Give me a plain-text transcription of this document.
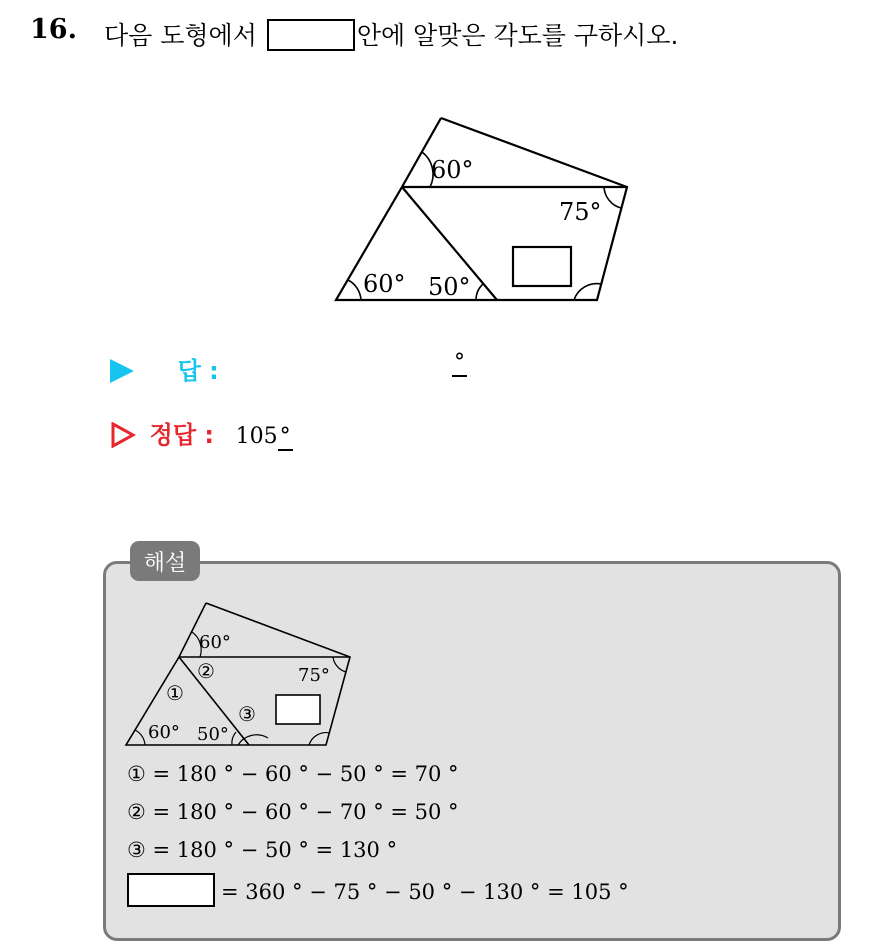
16. 다음 도형에서	안에 알맞은 각도를 구하시오.
60°
75°
60° 50°
답 :	°
정답 : 105°
해설
60°
75°
60° 50°
①
②
③
① = 180 ° − 60 ° − 50 ° = 70 °
② = 180 ° − 60 ° − 70 ° = 50 °
③ = 180 ° − 50 ° = 130 °
= 360 ° − 75 ° − 50 ° − 130 ° = 105 °
